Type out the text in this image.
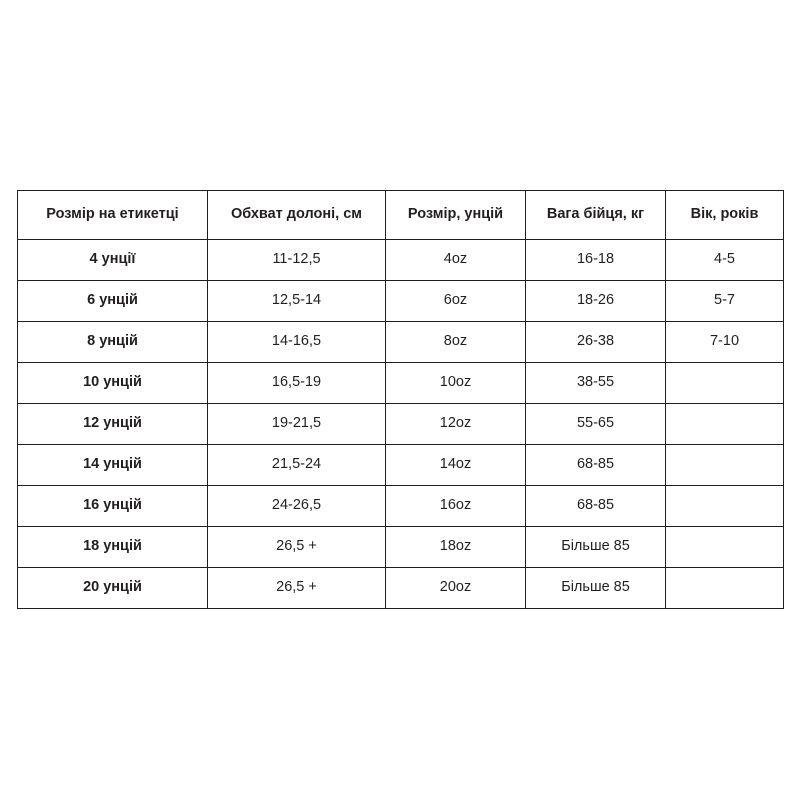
Розмір на етикетці	Обхват долоні, см	Розмір, унцій	Вага бійця, кг	Вік, років

4 унції	11-12,5	4oz	16-18	4-5

6 унцій	12,5-14	6oz	18-26	5-7

8 унцій	14-16,5	8oz	26-38	7-10

10 унцій	16,5-19	10oz	38-55	

12 унцій	19-21,5	12oz	55-65	

14 унцій	21,5-24	14oz	68-85	

16 унцій	24-26,5	16oz	68-85	

18 унцій	26,5 +	18oz	Більше 85	

20 унцій	26,5 +	20oz	Більше 85	
